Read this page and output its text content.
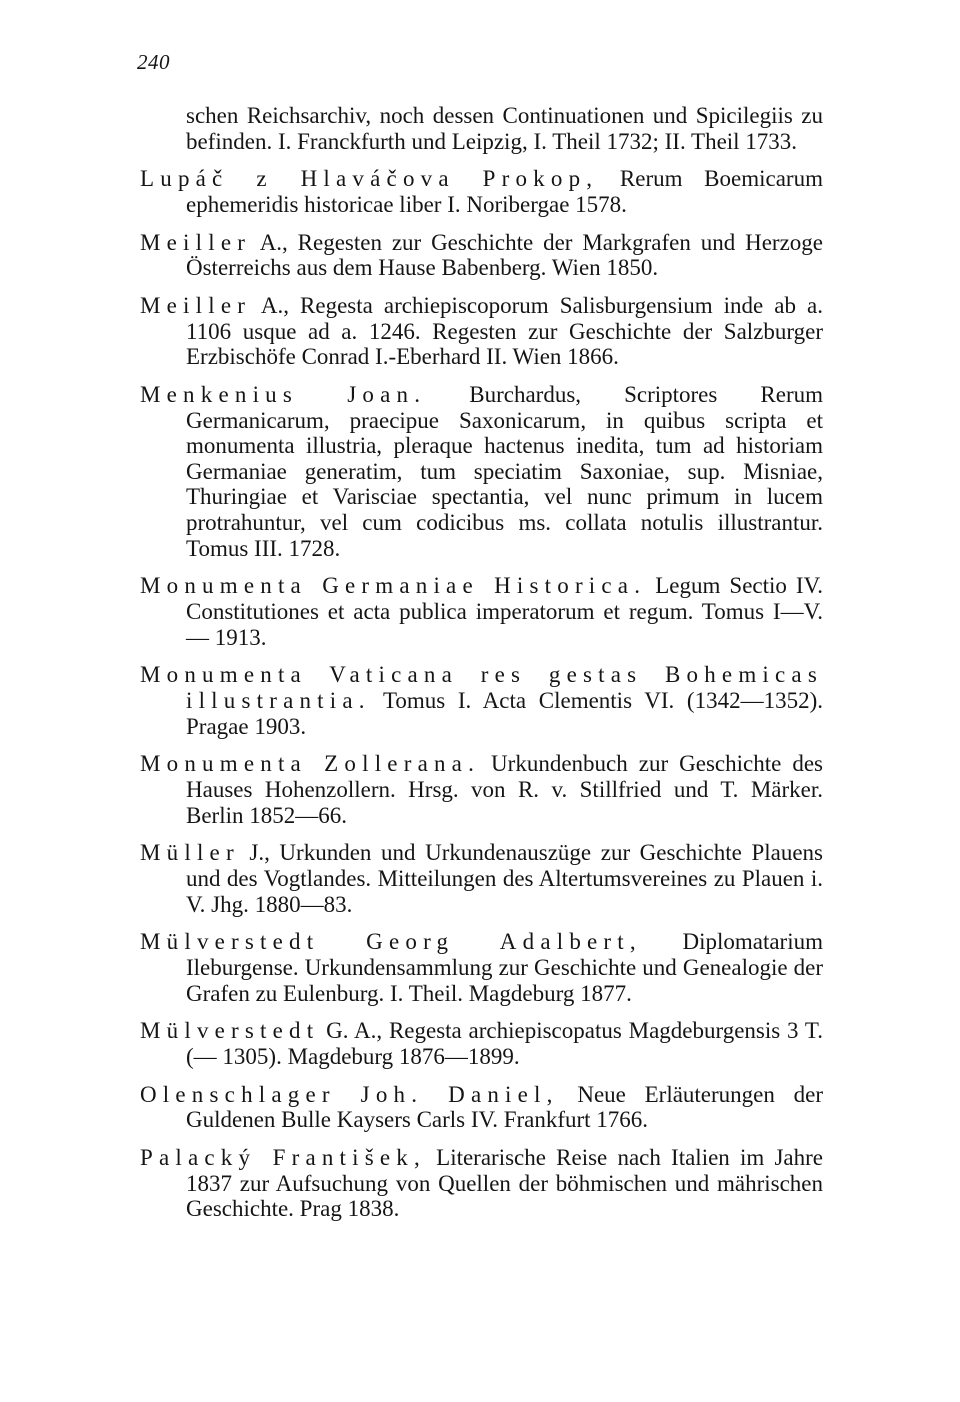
240

schen Reichsarchiv, noch dessen Continuationen und Spicilegiis zu befinden. I. Franckfurth und Leipzig, I. Theil 1732; II. Theil 1733.

Lupáč z Hlaváčova Prokop, Rerum Boemicarum ephemeridis historicae liber I. Noribergae 1578.

Meiller A., Regesten zur Geschichte der Markgrafen und Herzoge Österreichs aus dem Hause Babenberg. Wien 1850.

Meiller A., Regesta archiepiscoporum Salisburgensium inde ab a. 1106 usque ad a. 1246. Regesten zur Geschichte der Salzburger Erzbischöfe Conrad I.-Eberhard II. Wien 1866.

Menkenius Joan. Burchardus, Scriptores Rerum Germanicarum, praecipue Saxonicarum, in quibus scripta et monumenta illustria, pleraque hactenus inedita, tum ad historiam Germaniae generatim, tum speciatim Saxoniae, sup. Misniae, Thuringiae et Varisciae spectantia, vel nunc primum in lucem protrahuntur, vel cum codicibus ms. collata notulis illustrantur. Tomus III. 1728.

Monumenta Germaniae Historica. Legum Sectio IV. Constitutiones et acta publica imperatorum et regum. Tomus I—V. — 1913.

Monumenta Vaticana res gestas Bohemicas illustrantia. Tomus I. Acta Clementis VI. (1342—1352). Pragae 1903.

Monumenta Zollerana. Urkundenbuch zur Geschichte des Hauses Hohenzollern. Hrsg. von R. v. Stillfried und T. Märker. Berlin 1852—66.

Müller J., Urkunden und Urkundenauszüge zur Geschichte Plauens und des Vogtlandes. Mitteilungen des Altertumsvereines zu Plauen i. V. Jhg. 1880—83.

Mülverstedt Georg Adalbert, Diplomatarium Ileburgense. Urkundensammlung zur Geschichte und Genealogie der Grafen zu Eulenburg. I. Theil. Magdeburg 1877.

Mülverstedt G. A., Regesta archiepiscopatus Magdeburgensis 3 T. (— 1305). Magdeburg 1876—1899.

Olenschlager Joh. Daniel, Neue Erläuterungen der Guldenen Bulle Kaysers Carls IV. Frankfurt 1766.

Palacký František, Literarische Reise nach Italien im Jahre 1837 zur Aufsuchung von Quellen der böhmischen und mährischen Geschichte. Prag 1838.
